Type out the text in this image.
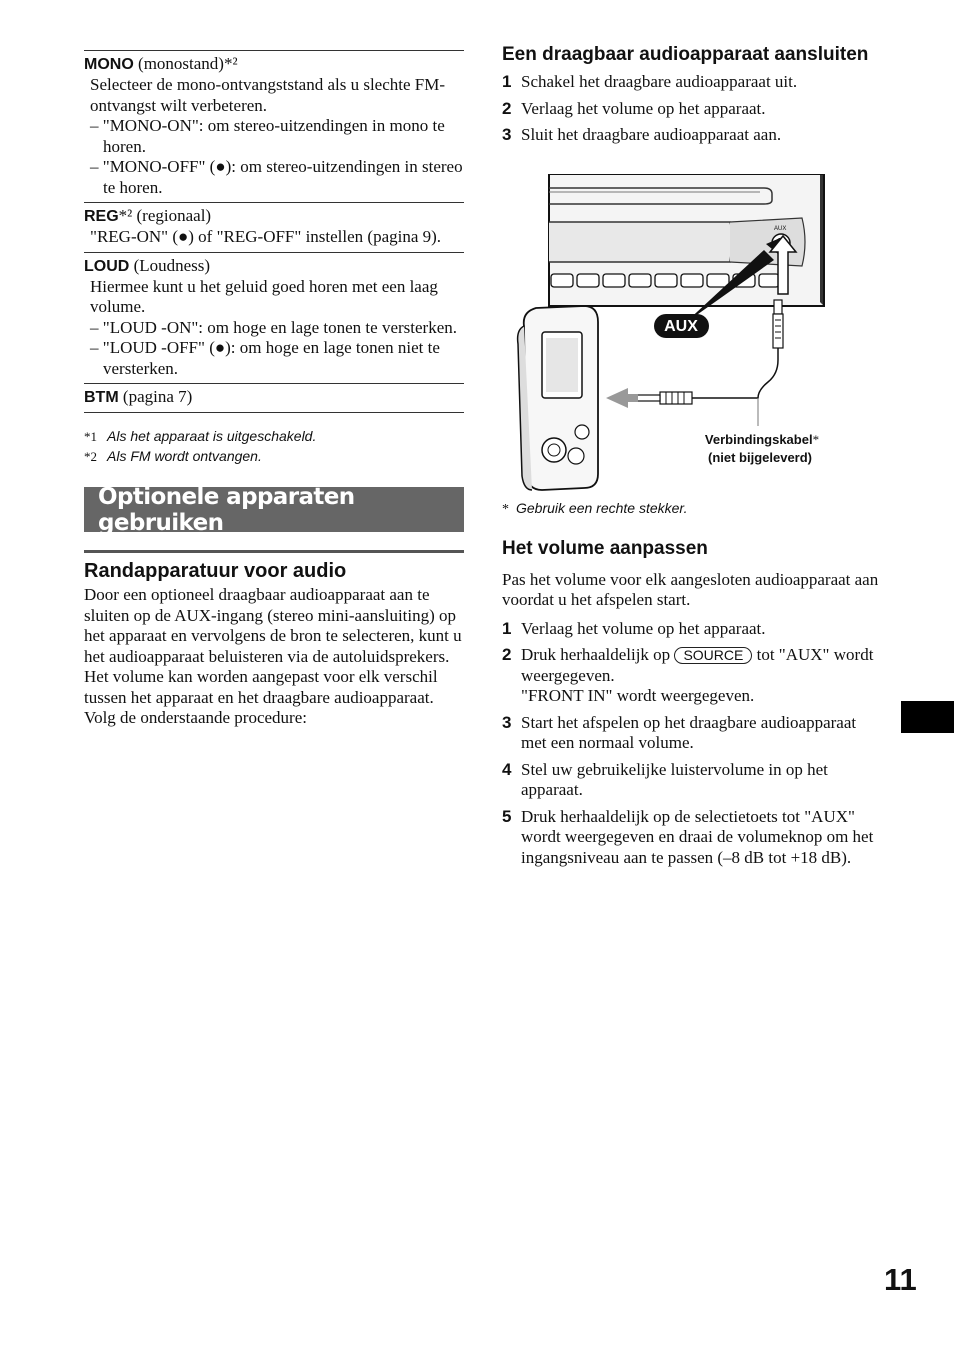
MONO (monostand)*²
Selecteer de mono-ontvangststand als u slechte FM-ontvangst wilt verbeteren.
– "MONO-ON": om stereo-uitzendingen in mono te horen.
– "MONO-OFF" (●): om stereo-uitzendingen in stereo te horen.
REG*² (regionaal)
"REG-ON" (●) of "REG-OFF" instellen (pagina 9).
LOUD (Loudness)
Hiermee kunt u het geluid goed horen met een laag volume.
– "LOUD -ON": om hoge en lage tonen te versterken.
– "LOUD -OFF" (●): om hoge en lage tonen niet te versterken.
BTM (pagina 7)
*1 Als het apparaat is uitgeschakeld.
*2 Als FM wordt ontvangen.
Optionele apparaten gebruiken
Randapparatuur voor audio
Door een optioneel draagbaar audioapparaat aan te sluiten op de AUX-ingang (stereo mini-aansluiting) op het apparaat en vervolgens de bron te selecteren, kunt u het audioapparaat beluisteren via de autoluidsprekers. Het volume kan worden aangepast voor elk verschil tussen het apparaat en het draagbare audioapparaat. Volg de onderstaande procedure:
Een draagbaar audioapparaat aansluiten
1 Schakel het draagbare audioapparaat uit.
2 Verlaag het volume op het apparaat.
3 Sluit het draagbare audioapparaat aan.
AUX
AUX
Verbindingskabel*
(niet bijgeleverd)
* Gebruik een rechte stekker.
Het volume aanpassen
Pas het volume voor elk aangesloten audioapparaat aan voordat u het afspelen start.
1 Verlaag het volume op het apparaat.
2 Druk herhaaldelijk op SOURCE tot "AUX" wordt weergegeven.
"FRONT IN" wordt weergegeven.
3 Start het afspelen op het draagbare audioapparaat met een normaal volume.
4 Stel uw gebruikelijke luistervolume in op het apparaat.
5 Druk herhaaldelijk op de selectietoets tot "AUX" wordt weergegeven en draai de volumeknop om het ingangsniveau aan te passen (–8 dB tot +18 dB).
11
